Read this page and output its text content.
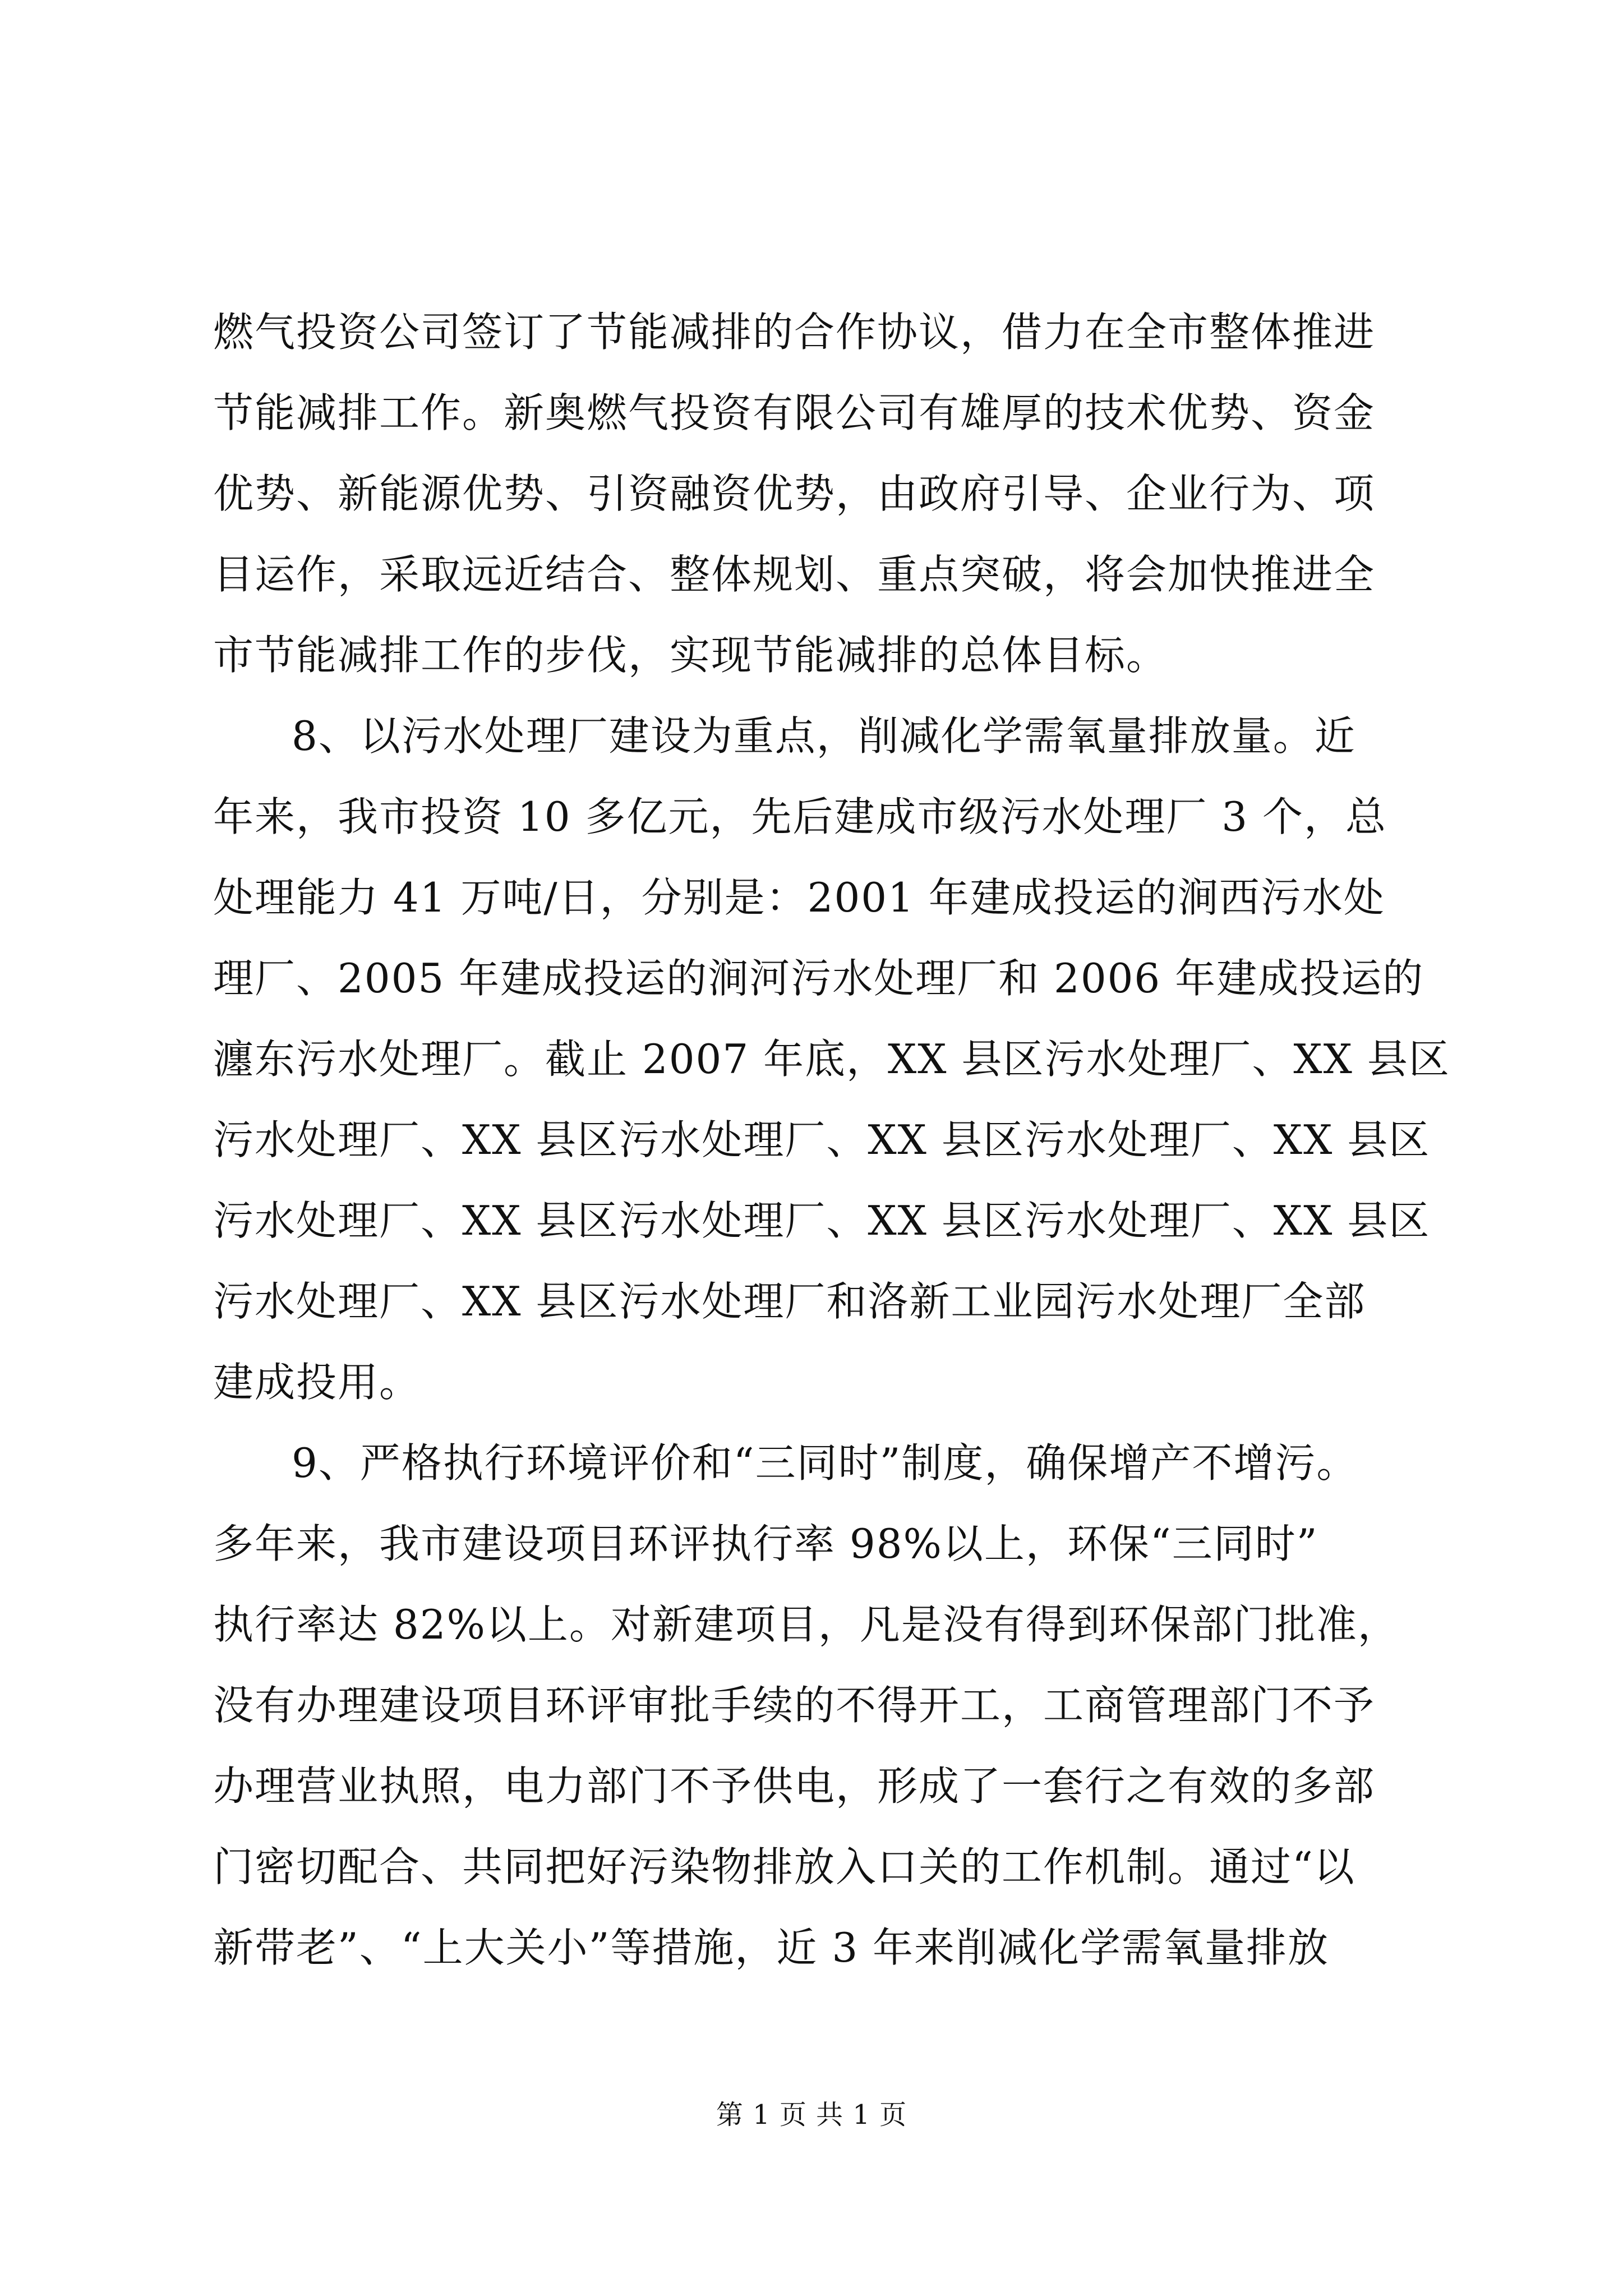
燃气投资公司签订了节能减排的合作协议，借力在全市整体推进
节能减排工作。新奥燃气投资有限公司有雄厚的技术优势、资金
优势、新能源优势、引资融资优势，由政府引导、企业行为、项
目运作，采取远近结合、整体规划、重点突破，将会加快推进全
市节能减排工作的步伐，实现节能减排的总体目标。
8、以污水处理厂建设为重点，削减化学需氧量排放量。近
年来，我市投资 10 多亿元，先后建成市级污水处理厂 3 个，总
处理能力 41 万吨/日，分别是：2001 年建成投运的涧西污水处
理厂、2005 年建成投运的涧河污水处理厂和 2006 年建成投运的
瀍东污水处理厂。截止 2007 年底，XX 县区污水处理厂、XX 县区
污水处理厂、XX 县区污水处理厂、XX 县区污水处理厂、XX 县区
污水处理厂、XX 县区污水处理厂、XX 县区污水处理厂、XX 县区
污水处理厂、XX 县区污水处理厂和洛新工业园污水处理厂全部
建成投用。
9、严格执行环境评价和“三同时”制度，确保增产不增污。
多年来，我市建设项目环评执行率 98%以上，环保“三同时”
执行率达 82%以上。对新建项目，凡是没有得到环保部门批准，
没有办理建设项目环评审批手续的不得开工，工商管理部门不予
办理营业执照，电力部门不予供电，形成了一套行之有效的多部
门密切配合、共同把好污染物排放入口关的工作机制。通过“以
新带老”、“上大关小”等措施，近 3 年来削减化学需氧量排放
第 1 页 共 1 页
